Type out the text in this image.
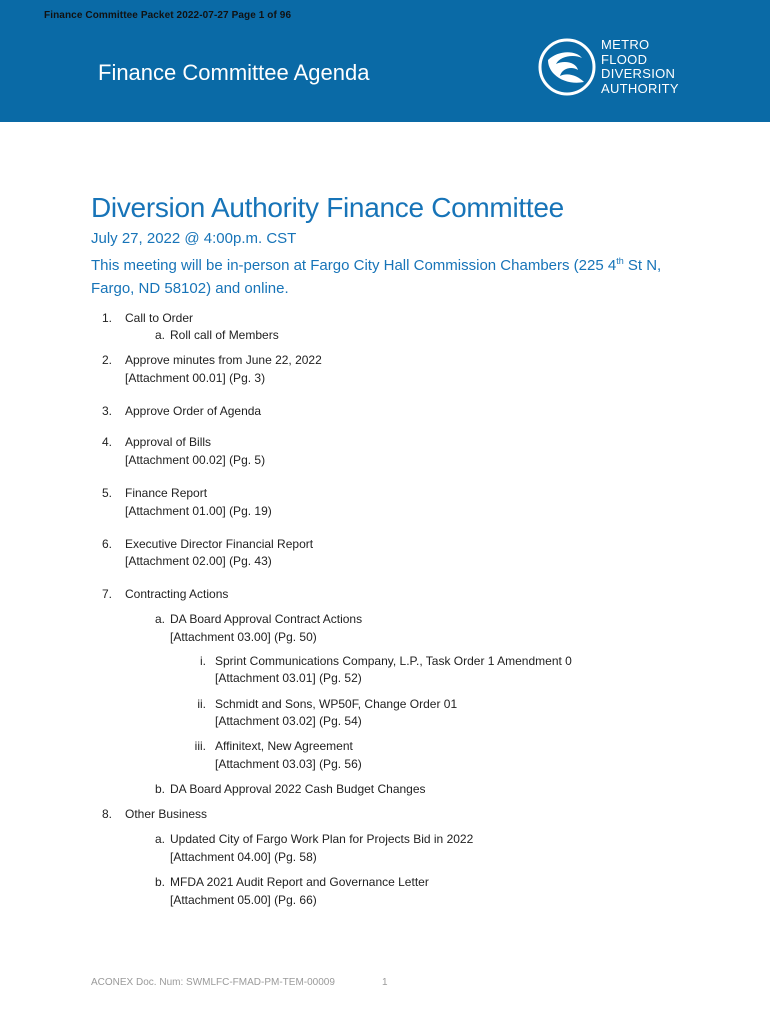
Finance Committee Packet 2022-07-27 Page 1 of 96
Finance Committee Agenda
METRO
FLOOD
DIVERSION
AUTHORITY
Diversion Authority Finance Committee
July 27, 2022 @ 4:00p.m. CST
This meeting will be in-person at Fargo City Hall Commission Chambers (225 4th St N,
Fargo, ND 58102) and online.
1. Call to Order
a. Roll call of Members
2. Approve minutes from June 22, 2022
[Attachment 00.01] (Pg. 3)
3. Approve Order of Agenda
4. Approval of Bills
[Attachment 00.02] (Pg. 5)
5. Finance Report
[Attachment 01.00] (Pg. 19)
6. Executive Director Financial Report
[Attachment 02.00] (Pg. 43)
7. Contracting Actions
a. DA Board Approval Contract Actions
[Attachment 03.00] (Pg. 50)
i. Sprint Communications Company, L.P., Task Order 1 Amendment 0
[Attachment 03.01] (Pg. 52)
ii. Schmidt and Sons, WP50F, Change Order 01
[Attachment 03.02] (Pg. 54)
iii. Affinitext, New Agreement
[Attachment 03.03] (Pg. 56)
b. DA Board Approval 2022 Cash Budget Changes
8. Other Business
a. Updated City of Fargo Work Plan for Projects Bid in 2022
[Attachment 04.00] (Pg. 58)
b. MFDA 2021 Audit Report and Governance Letter
[Attachment 05.00] (Pg. 66)
ACONEX Doc. Num: SWMLFC-FMAD-PM-TEM-00009	1
